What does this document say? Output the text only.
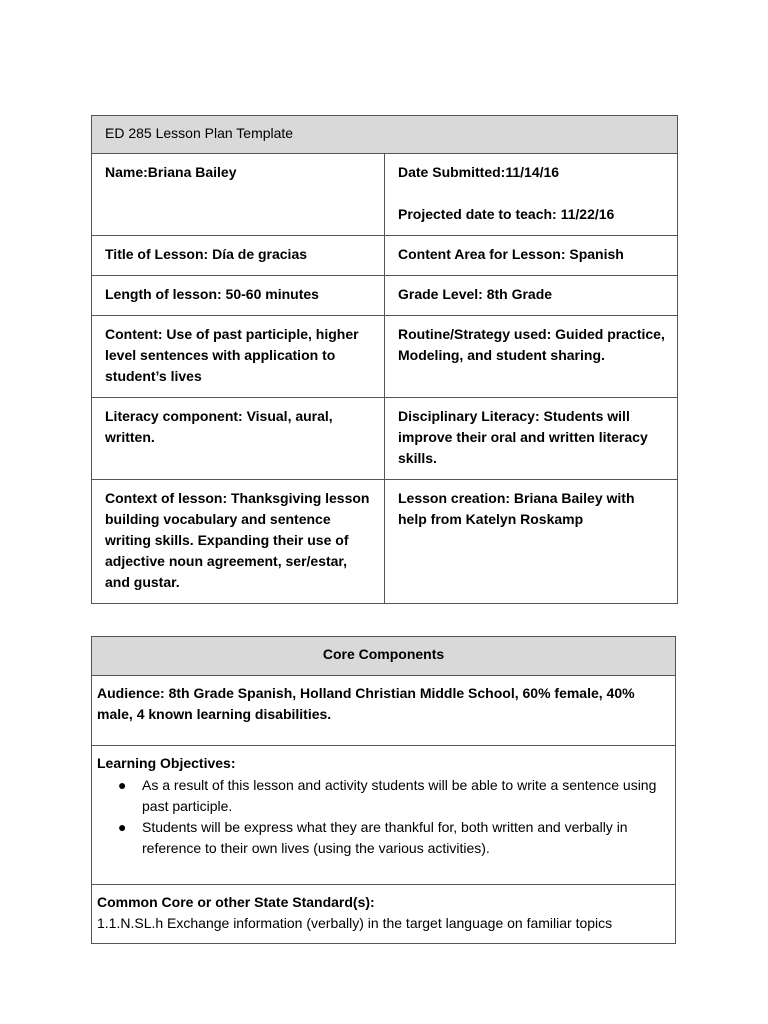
ED 285 Lesson Plan Template	
Name:Briana Bailey	Date Submitted:11/14/16
Projected date to teach: 11/22/16

Title of Lesson: Día de gracias	Content Area for Lesson: Spanish
Length of lesson: 50-60 minutes	Grade Level: 8th Grade
Content: Use of past participle, higher level sentences with application to student’s lives	Routine/Strategy used: Guided practice, Modeling, and student sharing.
Literacy component: Visual, aural, written.	Disciplinary Literacy: Students will improve their oral and written literacy skills.
Context of lesson: Thanksgiving lesson building vocabulary and sentence writing skills. Expanding their use of adjective noun agreement, ser/estar, and gustar.	Lesson creation: Briana Bailey with help from Katelyn Roskamp
Core Components
Audience: 8th Grade Spanish, Holland Christian Middle School, 60% female, 40% male, 4 known learning disabilities.

Learning Objectives:
● As a result of this lesson and activity students will be able to write a sentence using past participle.
● Students will be express what they are thankful for, both written and verbally in reference to their own lives (using the various activities).

Common Core or other State Standard(s):
1.1.N.SL.h Exchange information (verbally) in the target language on familiar topics
